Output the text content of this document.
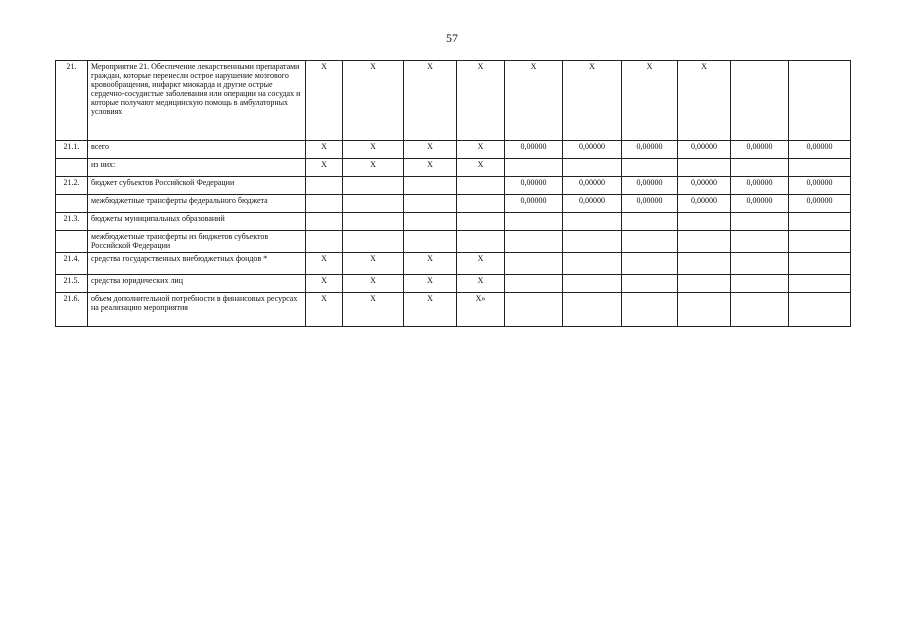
57
21.	Мероприятие 21. Обеспечение лекарственными препаратами граждан, которые перенесли острое нарушение мозгового кровообращения, инфаркт миокарда и другие острые сердечно-сосудистые заболевания или операции на сосудах и которые получают медицинскую помощь в амбулаторных условиях	Х	Х	Х	Х	Х	Х	Х	Х		
21.1.	всего	Х	Х	Х	Х	0,00000	0,00000	0,00000	0,00000	0,00000	0,00000
	из них:	Х	Х	Х	Х						
21.2.	бюджет субъектов Российской Федерации					0,00000	0,00000	0,00000	0,00000	0,00000	0,00000
	межбюджетные трансферты федерального бюджета					0,00000	0,00000	0,00000	0,00000	0,00000	0,00000
21.3.	бюджеты муниципальных образований										
	межбюджетные трансферты из бюджетов субъектов Российской Федерации										
21.4.	средства государственных внебюджетных фондов *	Х	Х	Х	Х						
21.5.	средства юридических лиц	Х	Х	Х	Х						
21.6.	объем дополнительной потребности в финансовых ресурсах на реализацию мероприятия	Х	Х	Х	Х»						
